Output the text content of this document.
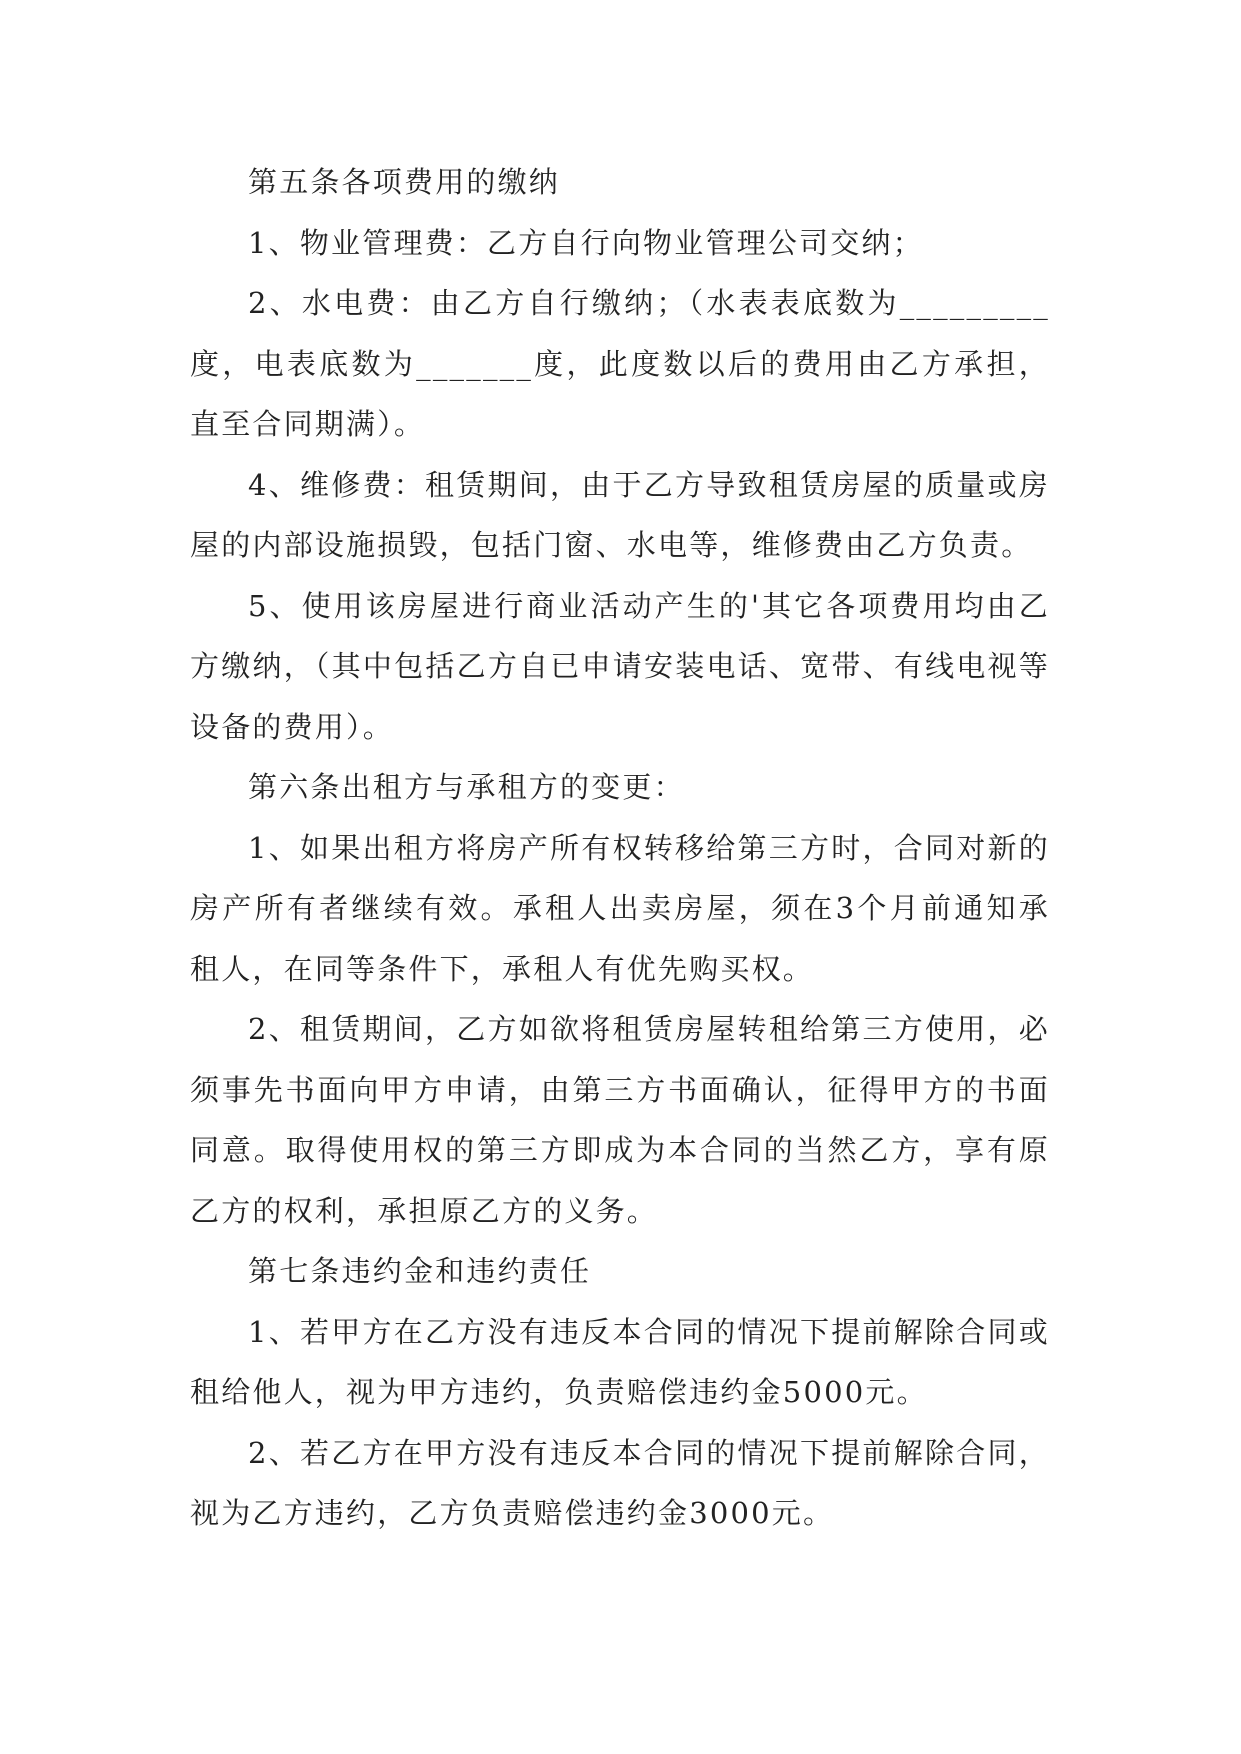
第五条各项费用的缴纳

1、物业管理费：乙方自行向物业管理公司交纳；

2、水电费：由乙方自行缴纳；（水表表底数为_________度，电表底数为_______度，此度数以后的费用由乙方承担，直至合同期满）。

4、维修费：租赁期间，由于乙方导致租赁房屋的质量或房屋的内部设施损毁，包括门窗、水电等，维修费由乙方负责。

5、使用该房屋进行商业活动产生的'其它各项费用均由乙方缴纳，（其中包括乙方自已申请安装电话、宽带、有线电视等设备的费用）。

第六条出租方与承租方的变更：

1、如果出租方将房产所有权转移给第三方时，合同对新的房产所有者继续有效。承租人出卖房屋，须在3个月前通知承租人，在同等条件下，承租人有优先购买权。

2、租赁期间，乙方如欲将租赁房屋转租给第三方使用，必须事先书面向甲方申请，由第三方书面确认，征得甲方的书面同意。取得使用权的第三方即成为本合同的当然乙方，享有原乙方的权利，承担原乙方的义务。

第七条违约金和违约责任

1、若甲方在乙方没有违反本合同的情况下提前解除合同或租给他人，视为甲方违约，负责赔偿违约金5000元。

2、若乙方在甲方没有违反本合同的情况下提前解除合同，视为乙方违约，乙方负责赔偿违约金3000元。
